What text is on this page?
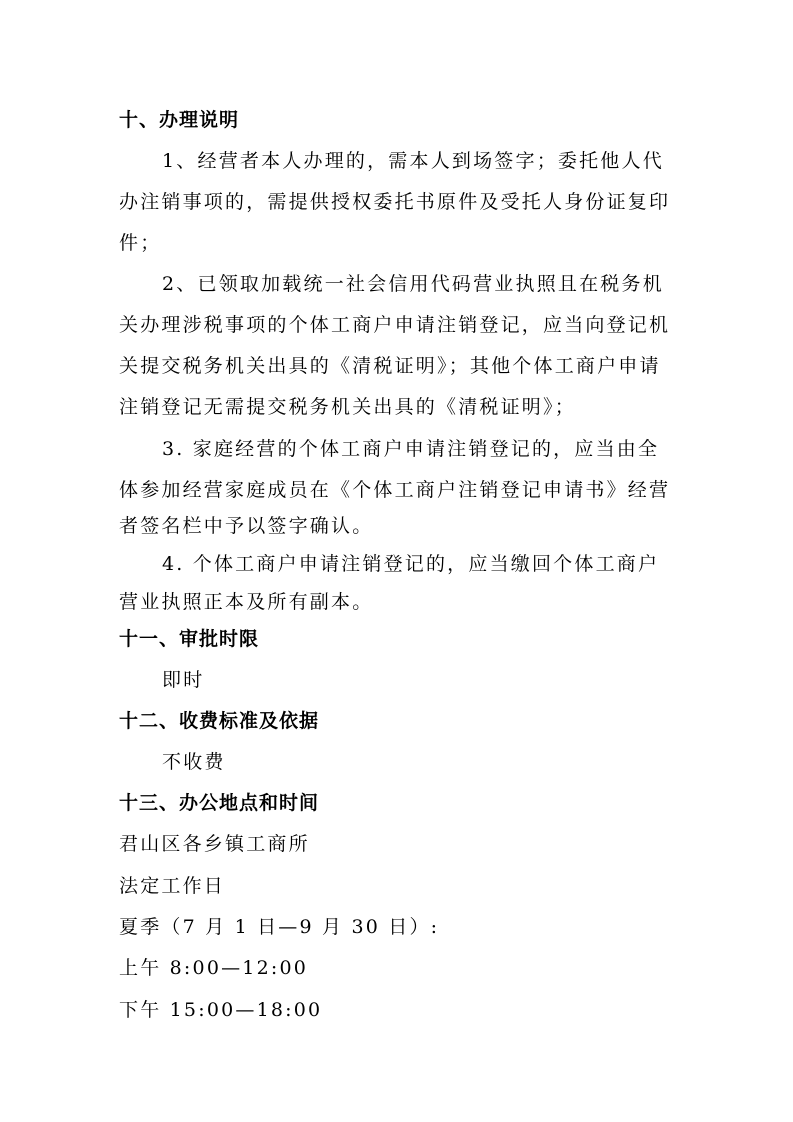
十、办理说明
1、经营者本人办理的，需本人到场签字；委托他人代
办注销事项的，需提供授权委托书原件及受托人身份证复印
件；
2、已领取加载统一社会信用代码营业执照且在税务机
关办理涉税事项的个体工商户申请注销登记，应当向登记机
关提交税务机关出具的《清税证明》；其他个体工商户申请
注销登记无需提交税务机关出具的《清税证明》；
3. 家庭经营的个体工商户申请注销登记的，应当由全
体参加经营家庭成员在《个体工商户注销登记申请书》经营
者签名栏中予以签字确认。
4. 个体工商户申请注销登记的，应当缴回个体工商户
营业执照正本及所有副本。
十一、审批时限
即时
十二、收费标准及依据
不收费
十三、办公地点和时间
君山区各乡镇工商所
法定工作日
夏季（7 月 1 日—9 月 30 日）:
上午 8:00—12:00
下午 15:00—18:00
